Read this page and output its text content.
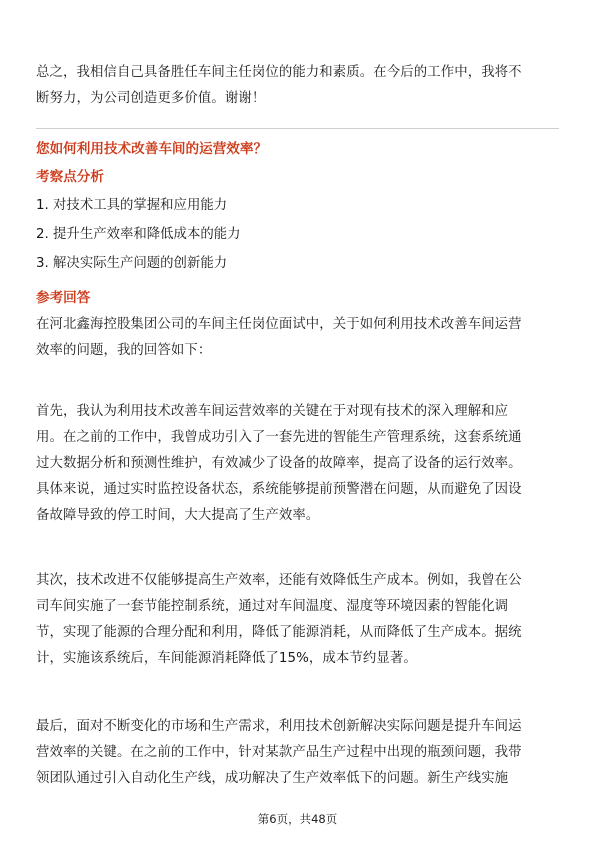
总之，我相信自己具备胜任车间主任岗位的能力和素质。在今后的工作中，我将不

断努力，为公司创造更多价值。谢谢！

您如何利用技术改善车间的运营效率？
考察点分析
1. 对技术工具的掌握和应用能力
2. 提升生产效率和降低成本的能力
3. 解决实际生产问题的创新能力
参考回答

在河北鑫海控股集团公司的车间主任岗位面试中，关于如何利用技术改善车间运营

效率的问题，我的回答如下：

首先，我认为利用技术改善车间运营效率的关键在于对现有技术的深入理解和应

用。在之前的工作中，我曾成功引入了一套先进的智能生产管理系统，这套系统通

过大数据分析和预测性维护，有效减少了设备的故障率，提高了设备的运行效率。

具体来说，通过实时监控设备状态，系统能够提前预警潜在问题，从而避免了因设

备故障导致的停工时间，大大提高了生产效率。

其次，技术改进不仅能够提高生产效率，还能有效降低生产成本。例如，我曾在公

司车间实施了一套节能控制系统，通过对车间温度、湿度等环境因素的智能化调

节，实现了能源的合理分配和利用，降低了能源消耗，从而降低了生产成本。据统

计，实施该系统后，车间能源消耗降低了15%，成本节约显著。

最后，面对不断变化的市场和生产需求，利用技术创新解决实际问题是提升车间运

营效率的关键。在之前的工作中，针对某款产品生产过程中出现的瓶颈问题，我带

领团队通过引入自动化生产线，成功解决了生产效率低下的问题。新生产线实施

第6页，共48页
